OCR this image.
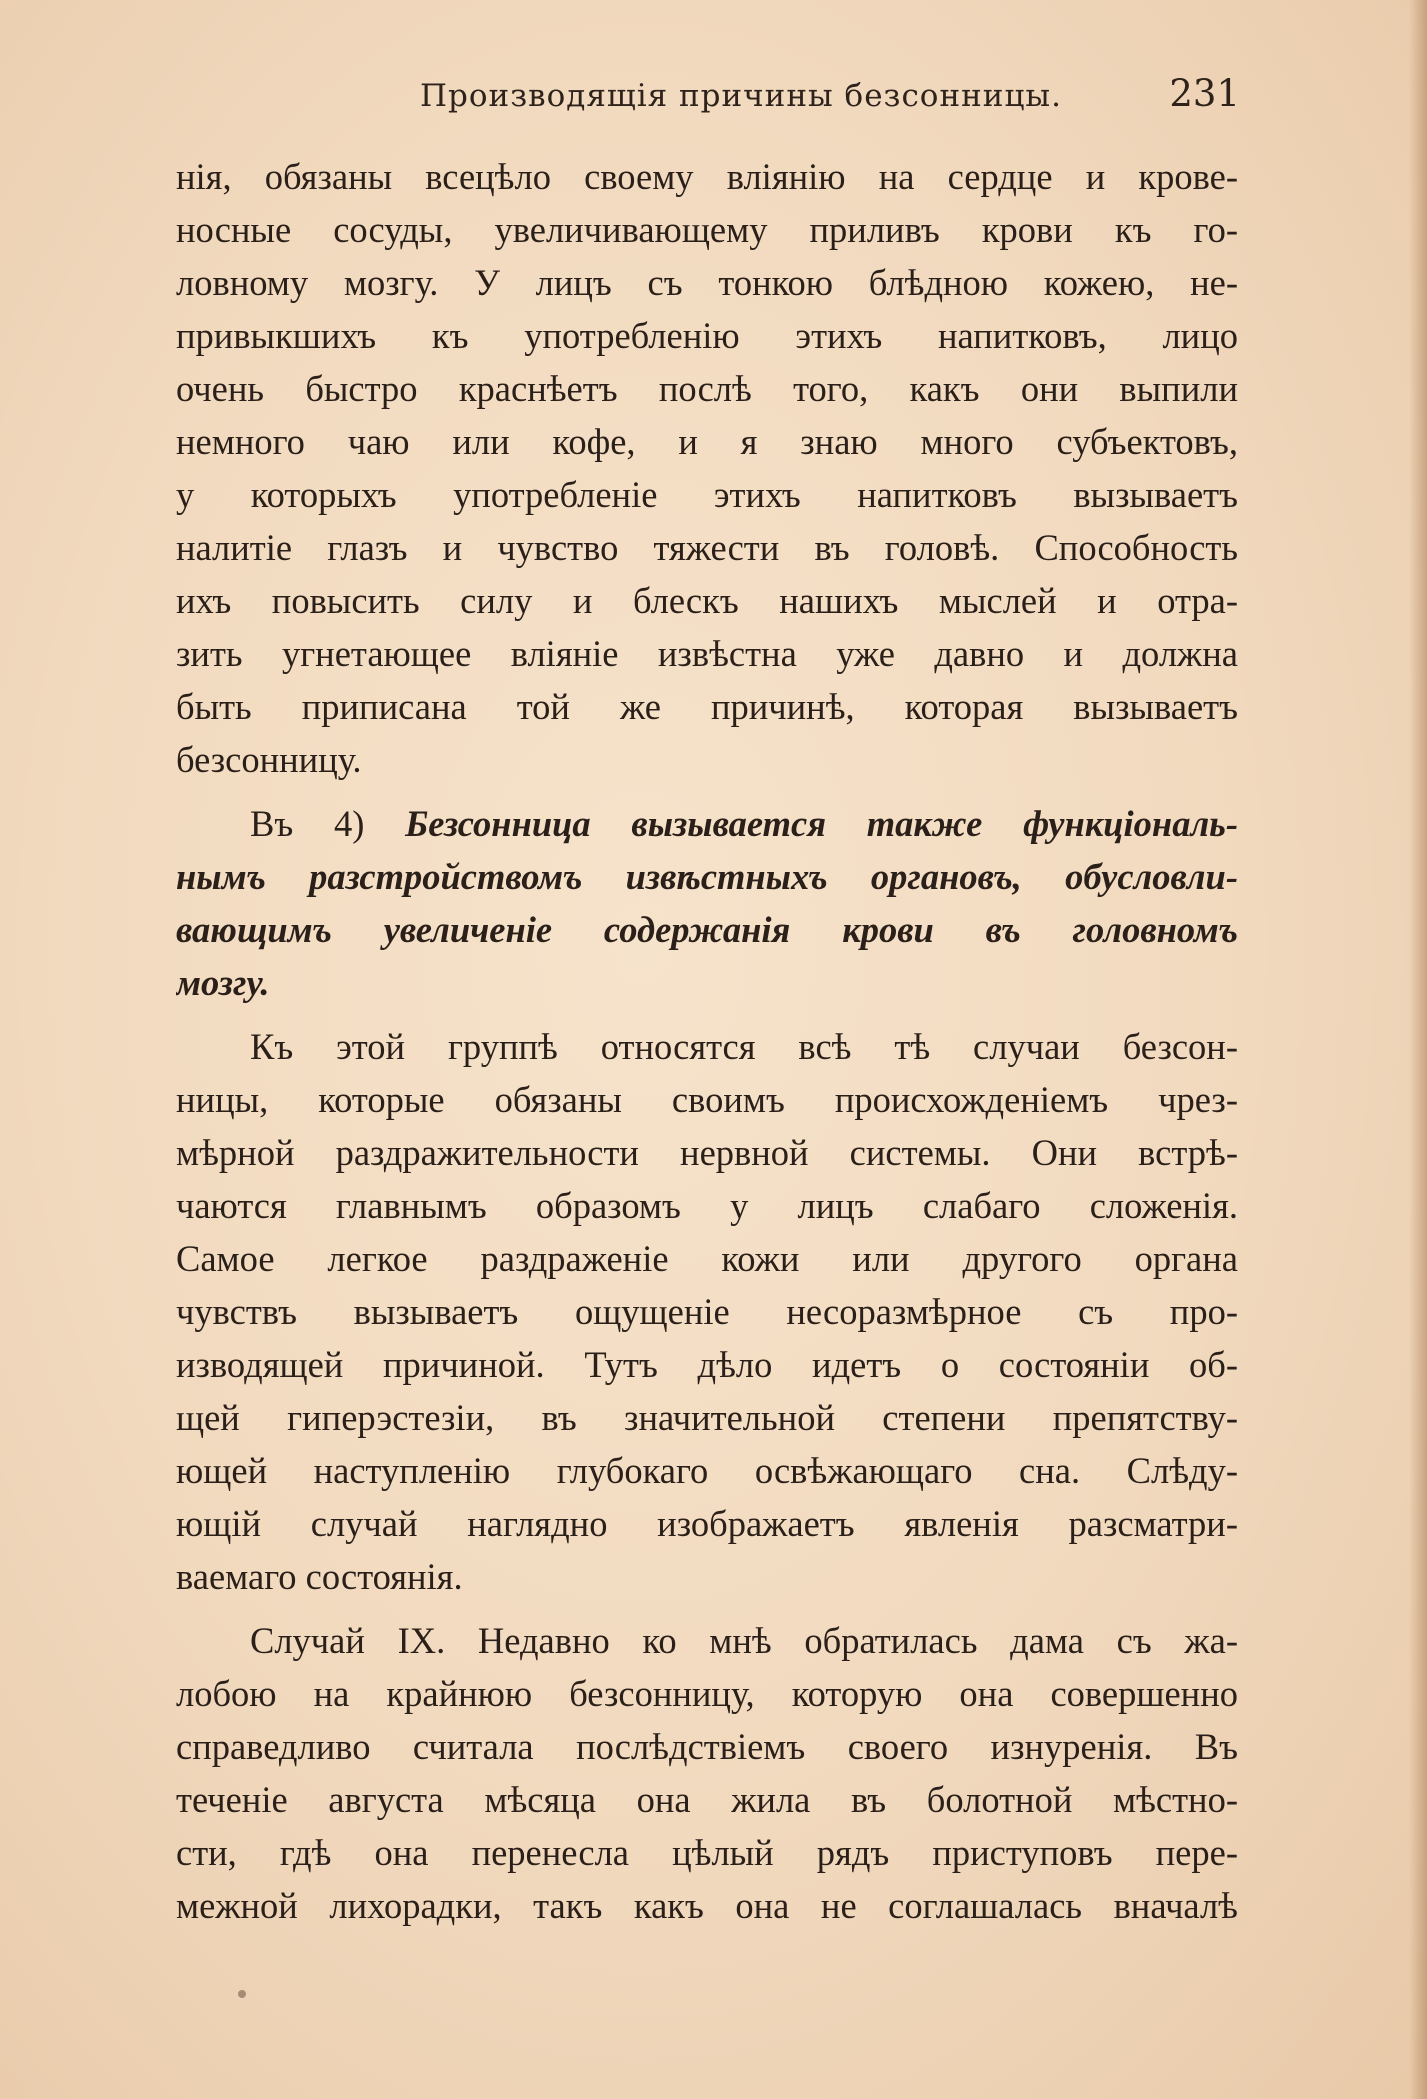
Производящія причины безсонницы.	231
нія, обязаны всецѣло своему вліянію на сердце и крове-
носные сосуды, увеличивающему приливъ крови къ го-
ловному мозгу. У лицъ съ тонкою блѣдною кожею, не-
привыкшихъ къ употребленію этихъ напитковъ, лицо
очень быстро краснѣетъ послѣ того, какъ они выпили
немного чаю или кофе, и я знаю много субъектовъ,
у которыхъ употребленіе этихъ напитковъ вызываетъ
налитіе глазъ и чувство тяжести въ головѣ. Способность
ихъ повысить силу и блескъ нашихъ мыслей и отра-
зить угнетающее вліяніе извѣстна уже давно и должна
быть приписана той же причинѣ, которая вызываетъ
безсонницу.
Въ 4) Безсонница вызывается также функціональ-
нымъ разстройствомъ извѣстныхъ органовъ, обусловли-
вающимъ увеличеніе содержанія крови въ головномъ
мозгу.
Къ этой группѣ относятся всѣ тѣ случаи безсон-
ницы, которые обязаны своимъ происхожденіемъ чрез-
мѣрной раздражительности нервной системы. Они встрѣ-
чаются главнымъ образомъ у лицъ слабаго сложенія.
Самое легкое раздраженіе кожи или другого органа
чувствъ вызываетъ ощущеніе несоразмѣрное съ про-
изводящей причиной. Тутъ дѣло идетъ о состояніи об-
щей гиперэстезіи, въ значительной степени препятству-
ющей наступленію глубокаго освѣжающаго сна. Слѣду-
ющій случай наглядно изображаетъ явленія разсматри-
ваемаго состоянія.
Случай IX. Недавно ко мнѣ обратилась дама съ жа-
лобою на крайнюю безсонницу, которую она совершенно
справедливо считала послѣдствіемъ своего изнуренія. Въ
теченіе августа мѣсяца она жила въ болотной мѣстно-
сти, гдѣ она перенесла цѣлый рядъ приступовъ пере-
межной лихорадки, такъ какъ она не соглашалась вначалѣ
